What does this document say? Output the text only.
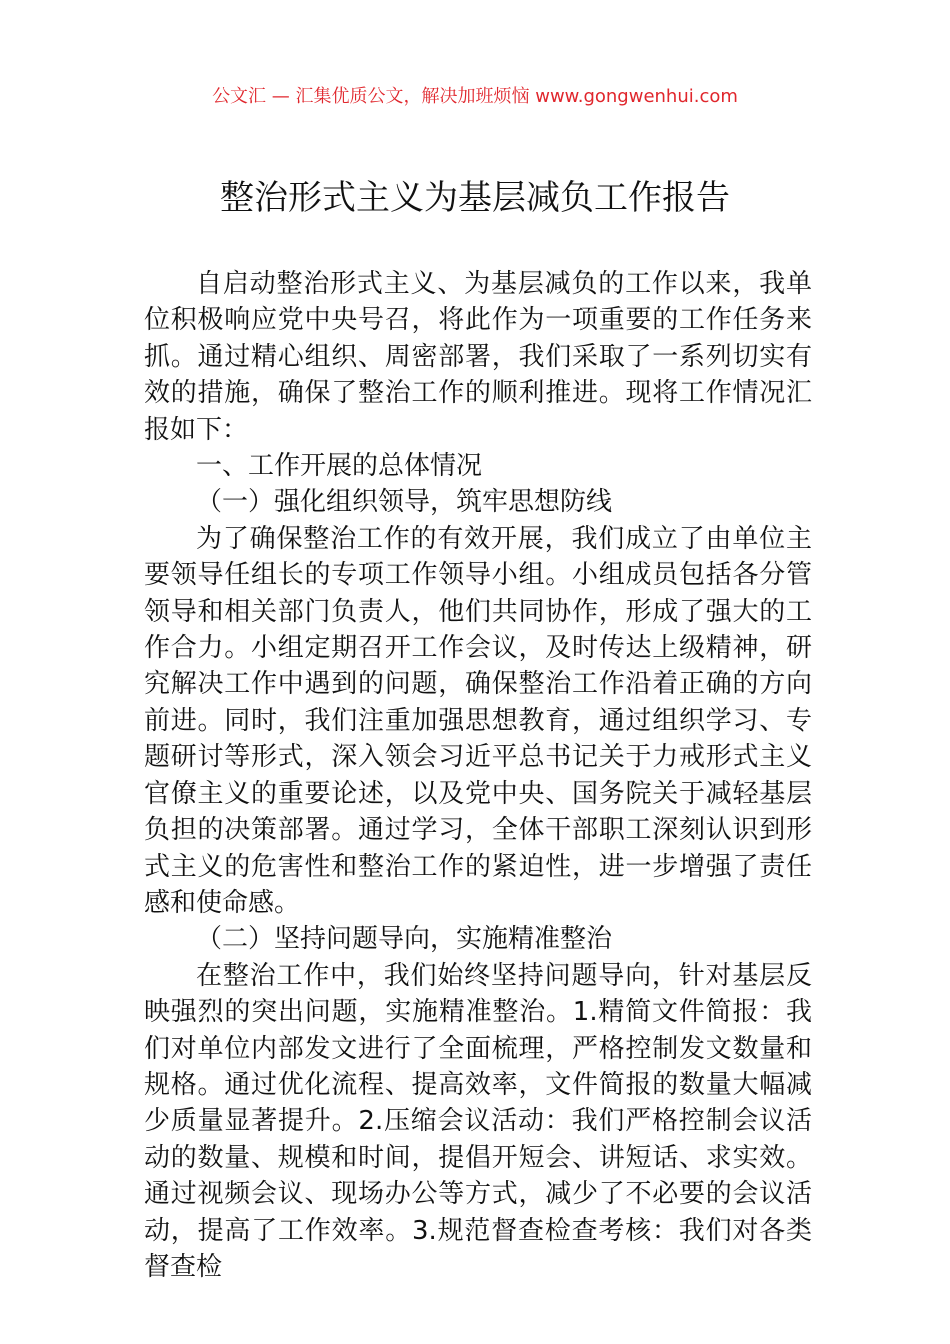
公文汇 — 汇集优质公文，解决加班烦恼 www.gongwenhui.com
整治形式主义为基层减负工作报告

自启动整治形式主义、为基层减负的工作以来，我单位积极响应党中央号召，将此作为一项重要的工作任务来抓。通过精心组织、周密部署，我们采取了一系列切实有效的措施，确保了整治工作的顺利推进。现将工作情况汇报如下：

一、工作开展的总体情况

（一）强化组织领导，筑牢思想防线

为了确保整治工作的有效开展，我们成立了由单位主要领导任组长的专项工作领导小组。小组成员包括各分管领导和相关部门负责人，他们共同协作，形成了强大的工作合力。小组定期召开工作会议，及时传达上级精神，研究解决工作中遇到的问题，确保整治工作沿着正确的方向前进。同时，我们注重加强思想教育，通过组织学习、专题研讨等形式，深入领会习近平总书记关于力戒形式主义官僚主义的重要论述，以及党中央、国务院关于减轻基层负担的决策部署。通过学习，全体干部职工深刻认识到形式主义的危害性和整治工作的紧迫性，进一步增强了责任感和使命感。

（二）坚持问题导向，实施精准整治

在整治工作中，我们始终坚持问题导向，针对基层反映强烈的突出问题，实施精准整治。1.精简文件简报：我们对单位内部发文进行了全面梳理，严格控制发文数量和规格。通过优化流程、提高效率，文件简报的数量大幅减少质量显著提升。2.压缩会议活动：我们严格控制会议活动的数量、规模和时间，提倡开短会、讲短话、求实效。通过视频会议、现场办公等方式，减少了不必要的会议活动，提高了工作效率。3.规范督查检查考核：我们对各类督查检
